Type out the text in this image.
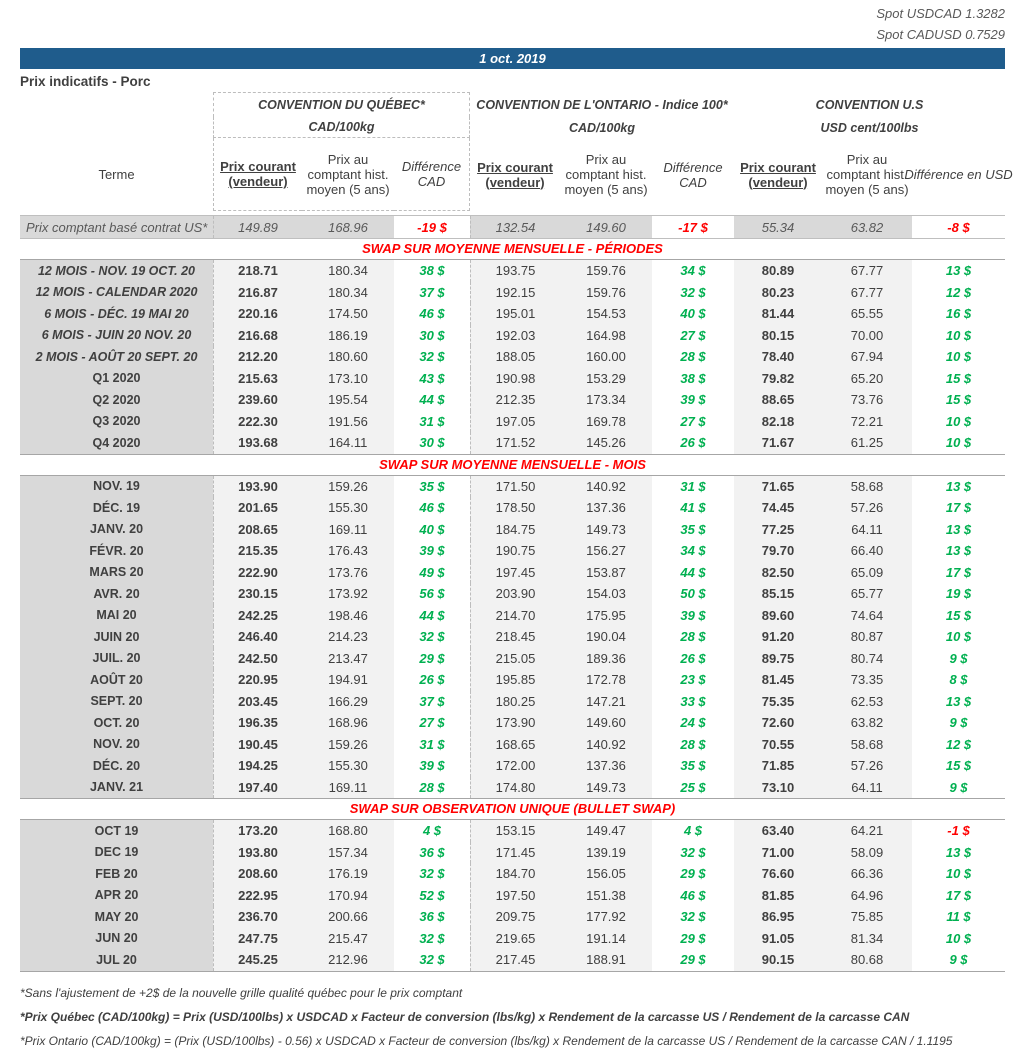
Spot USDCAD 1.3282
Spot CADUSD 0.7529
1 oct. 2019
Prix indicatifs - Porc
Terme
CONVENTION DU QUÉBEC*
CAD/100kg
CONVENTION DE L'ONTARIO - Indice 100*
CAD/100kg
CONVENTION U.S
USD cent/100lbs
Prix courant (vendeur)
Prix au comptant hist. moyen (5 ans)
Différence CAD
Prix courant (vendeur)
Prix au comptant hist. moyen (5 ans)
Différence CAD
Prix courant (vendeur)
Prix au comptant hist. moyen (5 ans)
Différence en USD
Prix comptant basé contrat US*	149.89	168.96	-19 $	132.54	149.60	-17 $	55.34	63.82	-8 $
SWAP SUR MOYENNE MENSUELLE - PÉRIODES
12 MOIS - NOV. 19 OCT. 20	218.71	180.34	38 $	193.75	159.76	34 $	80.89	67.77	13 $
12 MOIS - CALENDAR 2020	216.87	180.34	37 $	192.15	159.76	32 $	80.23	67.77	12 $
6 MOIS - DÉC. 19 MAI 20	220.16	174.50	46 $	195.01	154.53	40 $	81.44	65.55	16 $
6 MOIS - JUIN 20 NOV. 20	216.68	186.19	30 $	192.03	164.98	27 $	80.15	70.00	10 $
2 MOIS - AOÛT 20 SEPT. 20	212.20	180.60	32 $	188.05	160.00	28 $	78.40	67.94	10 $
Q1 2020	215.63	173.10	43 $	190.98	153.29	38 $	79.82	65.20	15 $
Q2 2020	239.60	195.54	44 $	212.35	173.34	39 $	88.65	73.76	15 $
Q3 2020	222.30	191.56	31 $	197.05	169.78	27 $	82.18	72.21	10 $
Q4 2020	193.68	164.11	30 $	171.52	145.26	26 $	71.67	61.25	10 $
SWAP SUR MOYENNE MENSUELLE - MOIS
NOV. 19	193.90	159.26	35 $	171.50	140.92	31 $	71.65	58.68	13 $
DÉC. 19	201.65	155.30	46 $	178.50	137.36	41 $	74.45	57.26	17 $
JANV. 20	208.65	169.11	40 $	184.75	149.73	35 $	77.25	64.11	13 $
FÉVR. 20	215.35	176.43	39 $	190.75	156.27	34 $	79.70	66.40	13 $
MARS 20	222.90	173.76	49 $	197.45	153.87	44 $	82.50	65.09	17 $
AVR. 20	230.15	173.92	56 $	203.90	154.03	50 $	85.15	65.77	19 $
MAI 20	242.25	198.46	44 $	214.70	175.95	39 $	89.60	74.64	15 $
JUIN 20	246.40	214.23	32 $	218.45	190.04	28 $	91.20	80.87	10 $
JUIL. 20	242.50	213.47	29 $	215.05	189.36	26 $	89.75	80.74	9 $
AOÛT 20	220.95	194.91	26 $	195.85	172.78	23 $	81.45	73.35	8 $
SEPT. 20	203.45	166.29	37 $	180.25	147.21	33 $	75.35	62.53	13 $
OCT. 20	196.35	168.96	27 $	173.90	149.60	24 $	72.60	63.82	9 $
NOV. 20	190.45	159.26	31 $	168.65	140.92	28 $	70.55	58.68	12 $
DÉC. 20	194.25	155.30	39 $	172.00	137.36	35 $	71.85	57.26	15 $
JANV. 21	197.40	169.11	28 $	174.80	149.73	25 $	73.10	64.11	9 $
SWAP SUR OBSERVATION UNIQUE (BULLET SWAP)
OCT 19	173.20	168.80	4 $	153.15	149.47	4 $	63.40	64.21	-1 $
DEC 19	193.80	157.34	36 $	171.45	139.19	32 $	71.00	58.09	13 $
FEB 20	208.60	176.19	32 $	184.70	156.05	29 $	76.60	66.36	10 $
APR 20	222.95	170.94	52 $	197.50	151.38	46 $	81.85	64.96	17 $
MAY 20	236.70	200.66	36 $	209.75	177.92	32 $	86.95	75.85	11 $
JUN 20	247.75	215.47	32 $	219.65	191.14	29 $	91.05	81.34	10 $
JUL 20	245.25	212.96	32 $	217.45	188.91	29 $	90.15	80.68	9 $
*Sans l'ajustement de +2$ de la nouvelle grille qualité québec pour le prix comptant
*Prix Québec (CAD/100kg) = Prix (USD/100lbs) x USDCAD x Facteur de conversion (lbs/kg) x Rendement de la carcasse US / Rendement de la carcasse CAN
*Prix Ontario (CAD/100kg) = (Prix (USD/100lbs) - 0.56) x USDCAD x Facteur de conversion (lbs/kg) x Rendement de la carcasse US / Rendement de la carcasse CAN / 1.1195
